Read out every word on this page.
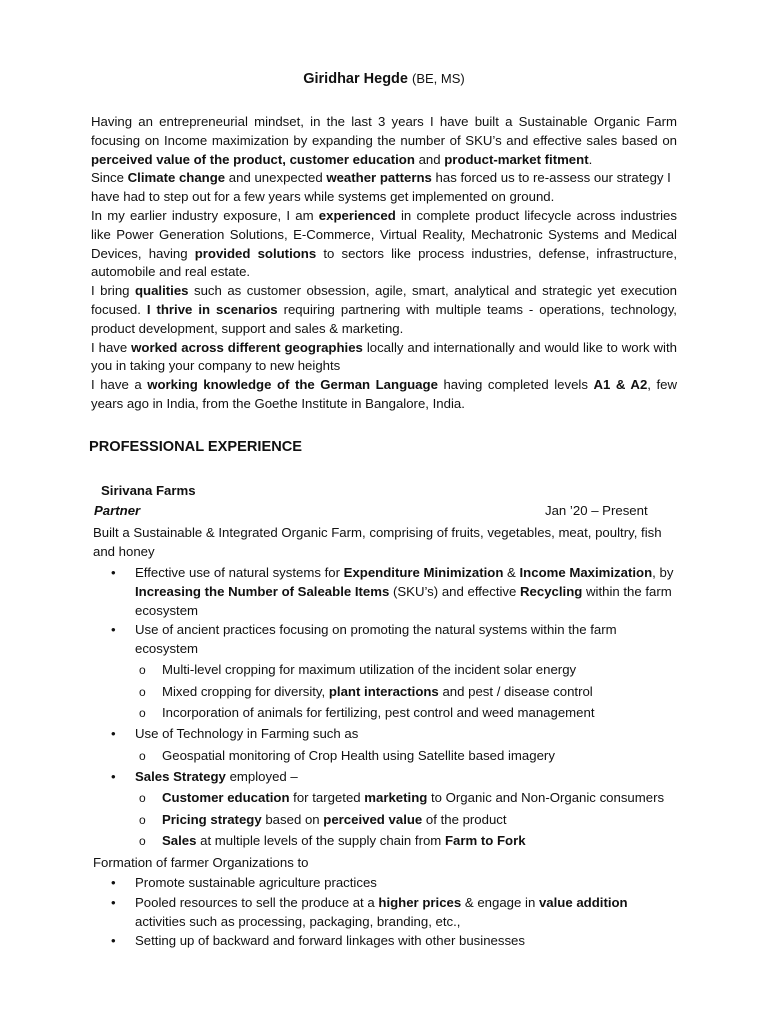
Giridhar Hegde (BE, MS)

Having an entrepreneurial mindset, in the last 3 years I have built a Sustainable Organic Farm focusing on Income maximization by expanding the number of SKU’s and effective sales based on perceived value of the product, customer education and product-market fitment.

Since Climate change and unexpected weather patterns has forced us to re-assess our strategy I have had to step out for a few years while systems get implemented on ground.

In my earlier industry exposure, I am experienced in complete product lifecycle across industries like Power Generation Solutions, E-Commerce, Virtual Reality, Mechatronic Systems and Medical Devices, having provided solutions to sectors like process industries, defense, infrastructure, automobile and real estate.

I bring qualities such as customer obsession, agile, smart, analytical and strategic yet execution focused. I thrive in scenarios requiring partnering with multiple teams - operations, technology, product development, support and sales & marketing.

I have worked across different geographies locally and internationally and would like to work with you in taking your company to new heights

I have a working knowledge of the German Language having completed levels A1 & A2, few years ago in India, from the Goethe Institute in Bangalore, India.

PROFESSIONAL EXPERIENCE
Sirivana Farms
Partner	Jan ’20 – Present

Built a Sustainable & Integrated Organic Farm, comprising of fruits, vegetables, meat, poultry, fish and honey

• Effective use of natural systems for Expenditure Minimization & Income Maximization, by Increasing the Number of Saleable Items (SKU’s) and effective Recycling within the farm ecosystem
• Use of ancient practices focusing on promoting the natural systems within the farm ecosystem
o Multi-level cropping for maximum utilization of the incident solar energy
o Mixed cropping for diversity, plant interactions and pest / disease control
o Incorporation of animals for fertilizing, pest control and weed management
• Use of Technology in Farming such as
o Geospatial monitoring of Crop Health using Satellite based imagery
• Sales Strategy employed –
o Customer education for targeted marketing to Organic and Non-Organic consumers
o Pricing strategy based on perceived value of the product
o Sales at multiple levels of the supply chain from Farm to Fork

Formation of farmer Organizations to

• Promote sustainable agriculture practices
• Pooled resources to sell the produce at a higher prices & engage in value addition activities such as processing, packaging, branding, etc.,
• Setting up of backward and forward linkages with other businesses
